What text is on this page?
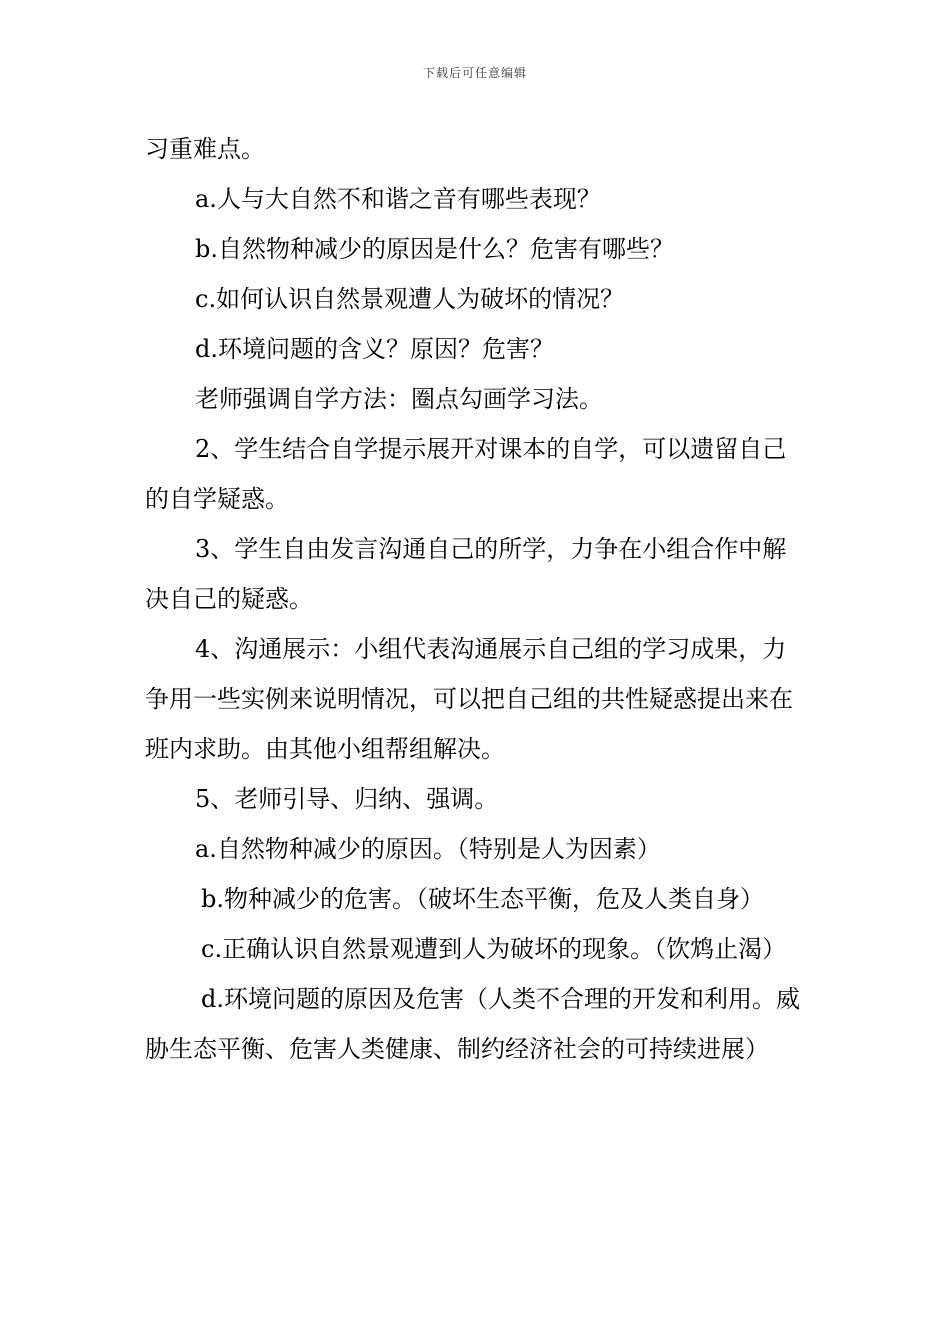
下载后可任意编辑

习重难点。

a.人与大自然不和谐之音有哪些表现？

b.自然物种减少的原因是什么？危害有哪些？

c.如何认识自然景观遭人为破坏的情况？

d.环境问题的含义？原因？危害？

老师强调自学方法：圈点勾画学习法。

2、学生结合自学提示展开对课本的自学，可以遗留自己的自学疑惑。

3、学生自由发言沟通自己的所学，力争在小组合作中解决自己的疑惑。

4、沟通展示：小组代表沟通展示自己组的学习成果，力争用一些实例来说明情况，可以把自己组的共性疑惑提出来在班内求助。由其他小组帮组解决。

5、老师引导、归纳、强调。

a.自然物种减少的原因。（特别是人为因素）

b.物种减少的危害。（破坏生态平衡，危及人类自身）

c.正确认识自然景观遭到人为破坏的现象。（饮鸩止渴）

d.环境问题的原因及危害（人类不合理的开发和利用。威胁生态平衡、危害人类健康、制约经济社会的可持续进展）
